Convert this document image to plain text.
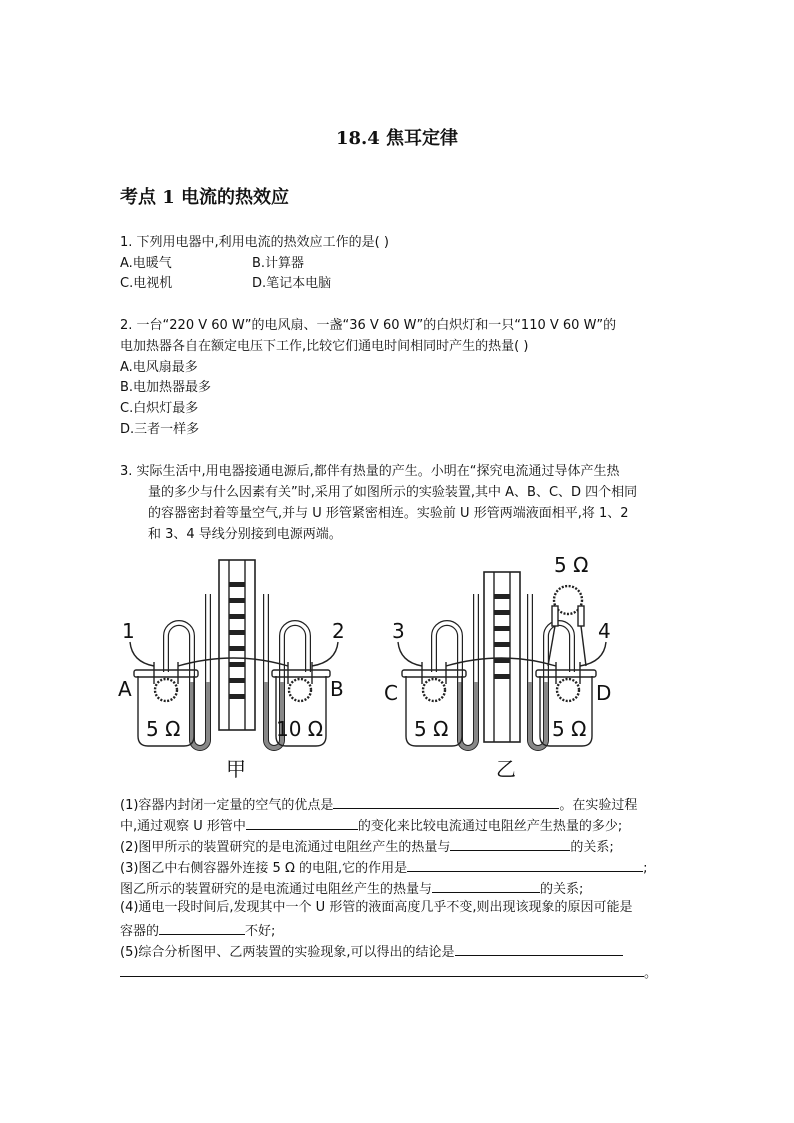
18.4 焦耳定律
考点 1 电流的热效应
1. 下列用电器中,利用电流的热效应工作的是( )
A.电暖气	B.计算器
C.电视机	D.笔记本电脑
2. 一台“220 V 60 W”的电风扇、一盏“36 V 60 W”的白炽灯和一只“110 V 60 W”的
电加热器各自在额定电压下工作,比较它们通电时间相同时产生的热量( )
A.电风扇最多
B.电加热器最多
C.白炽灯最多
D.三者一样多
3. 实际生活中,用电器接通电源后,都伴有热量的产生。小明在“探究电流通过导体产生热
量的多少与什么因素有关”时,采用了如图所示的实验装置,其中 A、B、C、D 四个相同
的容器密封着等量空气,并与 U 形管紧密相连。实验前 U 形管两端液面相平,将 1、2
和 3、4 导线分别接到电源两端。
1	2 3	4
A	B C	D
5 Ω	10 Ω	5 Ω	5 Ω
5 Ω
甲	乙
(1)容器内封闭一定量的空气的优点是	。在实验过程
中,通过观察 U 形管中	的变化来比较电流通过电阻丝产生热量的多少;
(2)图甲所示的装置研究的是电流通过电阻丝产生的热量与	的关系;
(3)图乙中右侧容器外连接 5 Ω 的电阻,它的作用是	;
图乙所示的装置研究的是电流通过电阻丝产生的热量与	的关系;
(4)通电一段时间后,发现其中一个 U 形管的液面高度几乎不变,则出现该现象的原因可能是
容器的	不好;
(5)综合分析图甲、乙两装置的实验现象,可以得出的结论是
。
